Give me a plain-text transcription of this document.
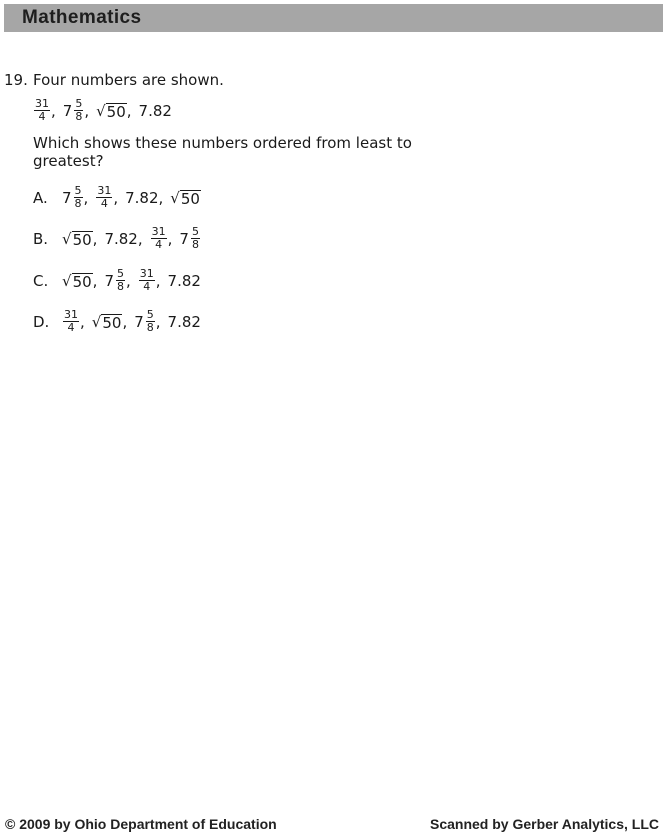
Mathematics
19. Four numbers are shown.
$\frac{31}{4}$ , $7 \frac{5}{8}$ , √ 50 , 7.82
Which shows these numbers ordered from least to greatest?
A. $7 \frac{5}{8}$ , $\frac{31}{4}$ , 7.82 , √ 50
B. √ 50 , 7.82 , $\frac{31}{4}$ , $7 \frac{5}{8}$
C. √ 50 , $7 \frac{5}{8}$ , $\frac{31}{4}$ , 7.82
D. $\frac{31}{4}$ , √ 50 , $7 \frac{5}{8}$ , 7.82
© 2009 by Ohio Department of Education	Scanned by Gerber Analytics, LLC
